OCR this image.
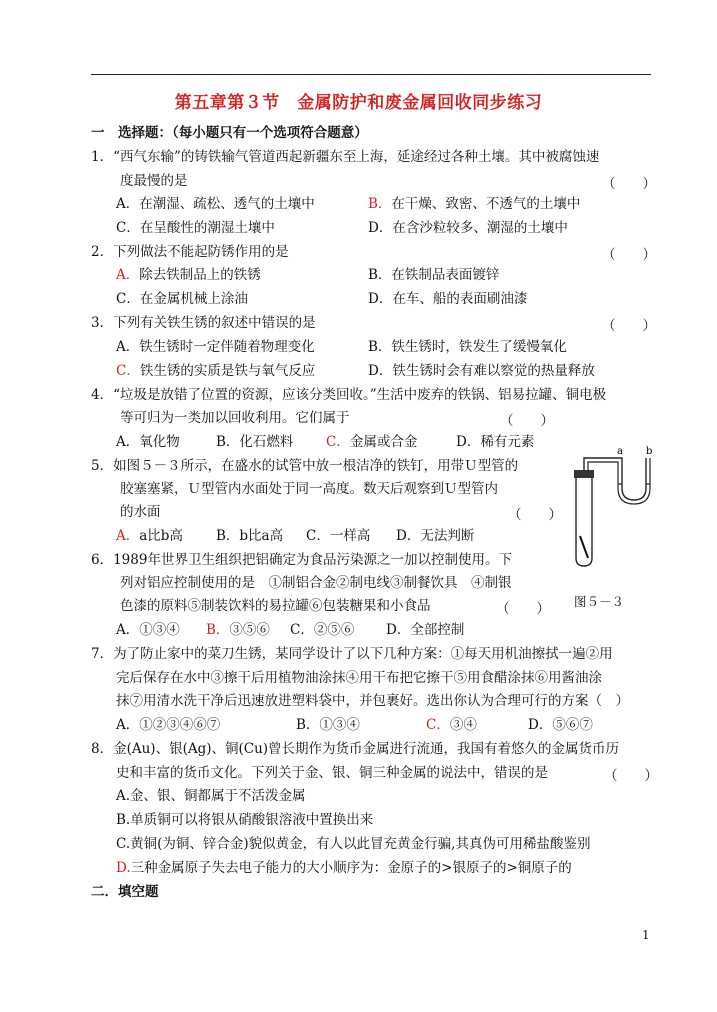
第五章第３节　金属防护和废金属回收同步练习
一　选择题：（每小题只有一个选项符合题意）
1．“西气东输”的铸铁输气管道西起新疆东至上海，延途经过各种土壤。其中被腐蚀速
度最慢的是	（　　）
A．在潮湿、疏松、透气的土壤中	B．在干燥、致密、不透气的土壤中
C．在呈酸性的潮湿土壤中	D．在含沙粒较多、潮湿的土壤中
2．下列做法不能起防锈作用的是	（　　）
A．除去铁制品上的铁锈	B．在铁制品表面镀锌
C．在金属机械上涂油	D．在车、船的表面刷油漆
3．下列有关铁生锈的叙述中错误的是	（　　）
A．铁生锈时一定伴随着物理变化	B．铁生锈时，铁发生了缓慢氧化
C．铁生锈的实质是铁与氧气反应	D．铁生锈时会有难以察觉的热量释放
4．“垃圾是放错了位置的资源，应该分类回收。”生活中废弃的铁锅、铝易拉罐、铜电极
等可归为一类加以回收利用。它们属于	（　　）
A．氧化物	B．化石燃料 C．金属或合金	D．稀有元素
5．如图５－３所示，在盛水的试管中放一根洁净的铁钉，用带Ｕ型管的
胶塞塞紧，Ｕ型管内水面处于同一高度。数天后观察到Ｕ型管内
的水面	（　　）
A．a比b高 B．b比a高 C．一样高 D．无法判断
a b
图５－３
6．1989年世界卫生组织把铝确定为食品污染源之一加以控制使用。下
列对铝应控制使用的是　①制铝合金②制电线③制餐饮具　④制银
色漆的原料⑤制装饮料的易拉罐⑥包装糖果和小食品	（　　）
A．①③④ B．③⑤⑥ C．②⑤⑥ D．全部控制
7．为了防止家中的菜刀生锈，某同学设计了以下几种方案：①每天用机油擦拭一遍②用
完后保存在水中③擦干后用植物油涂抹④用干布把它擦干⑤用食醋涂抹⑥用酱油涂
抹⑦用清水洗干净后迅速放进塑料袋中，并包裹好。选出你认为合理可行的方案（　）
A．①②③④⑥⑦	B．①③④	C．③④	D．⑤⑥⑦
8．金(Au)、银(Ag)、铜(Cu)曾长期作为货币金属进行流通，我国有着悠久的金属货币历
史和丰富的货币文化。下列关于金、银、铜三种金属的说法中，错误的是	（　　）
A.金、银、铜都属于不活泼金属
B.单质铜可以将银从硝酸银溶液中置换出来
C.黄铜(为铜、锌合金)貌似黄金，有人以此冒充黄金行骗,其真伪可用稀盐酸鉴别
D.三种金属原子失去电子能力的大小顺序为：金原子的>银原子的>铜原子的
二．填空题
1
